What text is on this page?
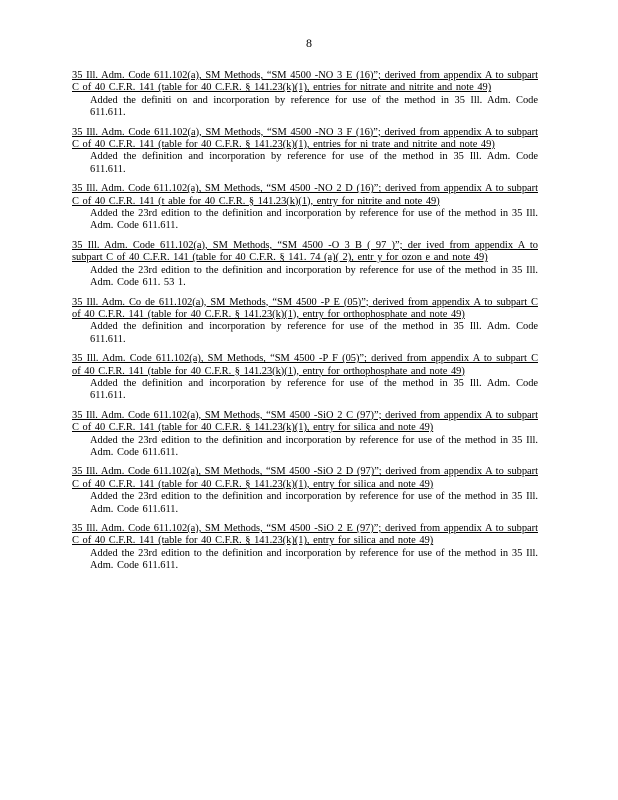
8
35 Ill. Adm. Code 611.102(a), SM Methods, “SM 4500 -NO 3 E (16)”; derived from appendix A to subpart C of 40 C.F.R. 141 (table for 40 C.F.R. § 141.23(k)(1), entries for nitrate and nitrite and note 49)
Added the definiti on and incorporation by reference for use of the method in 35 Ill. Adm. Code 611.611.
35 Ill. Adm. Code 611.102(a), SM Methods, “SM 4500 -NO 3 F (16)”; derived from appendix A to subpart C of 40 C.F.R. 141 (table for 40 C.F.R. § 141.23(k)(1), entries for ni trate and nitrite and note 49)
Added the definition and incorporation by reference for use of the method in 35 Ill. Adm. Code 611.611.
35 Ill. Adm. Code 611.102(a), SM Methods, “SM 4500 -NO 2 D (16)”; derived from appendix A to subpart C of 40 C.F.R. 141 (t able for 40 C.F.R. § 141.23(k)(1), entry for nitrite and note 49)
Added the 23rd edition to the definition and incorporation by reference for use of the method in 35 Ill. Adm. Code 611.611.
35 Ill. Adm. Code 611.102(a), SM Methods, “SM 4500 -O 3 B ( 97 )”; der ived from appendix A to subpart C of 40 C.F.R. 141 (table for 40 C.F.R. § 141. 74 (a)( 2), entr y for ozon e and note 49)
Added the 23rd edition to the definition and incorporation by reference for use of the method in 35 Ill. Adm. Code 611. 53 1.
35 Ill. Adm. Co de 611.102(a), SM Methods, “SM 4500 -P E (05)”; derived from appendix A to subpart C of 40 C.F.R. 141 (table for 40 C.F.R. § 141.23(k)(1), entry for orthophosphate and note 49)
Added the definition and incorporation by reference for use of the method in 35 Ill. Adm. Code 611.611.
35 Ill. Adm. Code 611.102(a), SM Methods, “SM 4500 -P F (05)”; derived from appendix A to subpart C of 40 C.F.R. 141 (table for 40 C.F.R. § 141.23(k)(1), entry for orthophosphate and note 49)
Added the definition and incorporation by reference for use of the method in 35 Ill. Adm. Code 611.611.
35 Ill. Adm. Code 611.102(a), SM Methods, “SM 4500 -SiO 2 C (97)”; derived from appendix A to subpart C of 40 C.F.R. 141 (table for 40 C.F.R. § 141.23(k)(1), entry for silica and note 49)
Added the 23rd edition to the definition and incorporation by reference for use of the method in 35 Ill. Adm. Code 611.611.
35 Ill. Adm. Code 611.102(a), SM Methods, “SM 4500 -SiO 2 D (97)”; derived from appendix A to subpart C of 40 C.F.R. 141 (table for 40 C.F.R. § 141.23(k)(1), entry for silica and note 49)
Added the 23rd edition to the definition and incorporation by reference for use of the method in 35 Ill. Adm. Code 611.611.
35 Ill. Adm. Code 611.102(a), SM Methods, “SM 4500 -SiO 2 E (97)”; derived from appendix A to subpart C of 40 C.F.R. 141 (table for 40 C.F.R. § 141.23(k)(1), entry for silica and note 49)
Added the 23rd edition to the definition and incorporation by reference for use of the method in 35 Ill. Adm. Code 611.611.
